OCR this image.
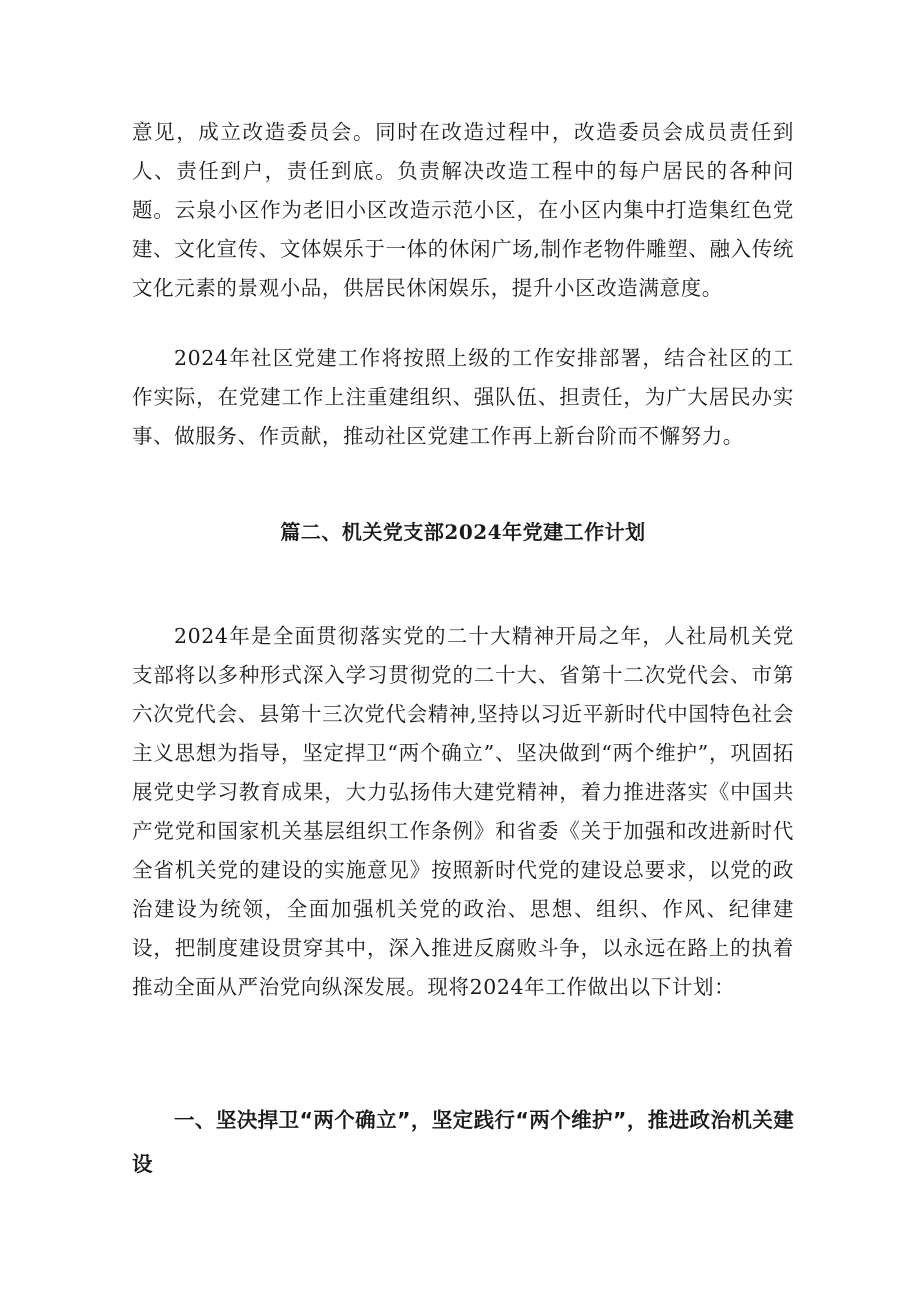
意见，成立改造委员会。同时在改造过程中，改造委员会成员责任到人、责任到户，责任到底。负责解决改造工程中的每户居民的各种问题。云泉小区作为老旧小区改造示范小区，在小区内集中打造集红色党建、文化宣传、文体娱乐于一体的休闲广场,制作老物件雕塑、融入传统文化元素的景观小品，供居民休闲娱乐，提升小区改造满意度。

2024年社区党建工作将按照上级的工作安排部署，结合社区的工作实际，在党建工作上注重建组织、强队伍、担责任，为广大居民办实事、做服务、作贡献，推动社区党建工作再上新台阶而不懈努力。

篇二、机关党支部2024年党建工作计划

2024年是全面贯彻落实党的二十大精神开局之年，人社局机关党支部将以多种形式深入学习贯彻党的二十大、省第十二次党代会、市第六次党代会、县第十三次党代会精神,坚持以习近平新时代中国特色社会主义思想为指导，坚定捍卫“两个确立”、坚决做到“两个维护”，巩固拓展党史学习教育成果，大力弘扬伟大建党精神，着力推进落实《中国共产党党和国家机关基层组织工作条例》和省委《关于加强和改进新时代全省机关党的建设的实施意见》按照新时代党的建设总要求，以党的政治建设为统领，全面加强机关党的政治、思想、组织、作风、纪律建设，把制度建设贯穿其中，深入推进反腐败斗争，以永远在路上的执着推动全面从严治党向纵深发展。现将2024年工作做出以下计划：

一、坚决捍卫“两个确立”，坚定践行“两个维护”，推进政治机关建设
